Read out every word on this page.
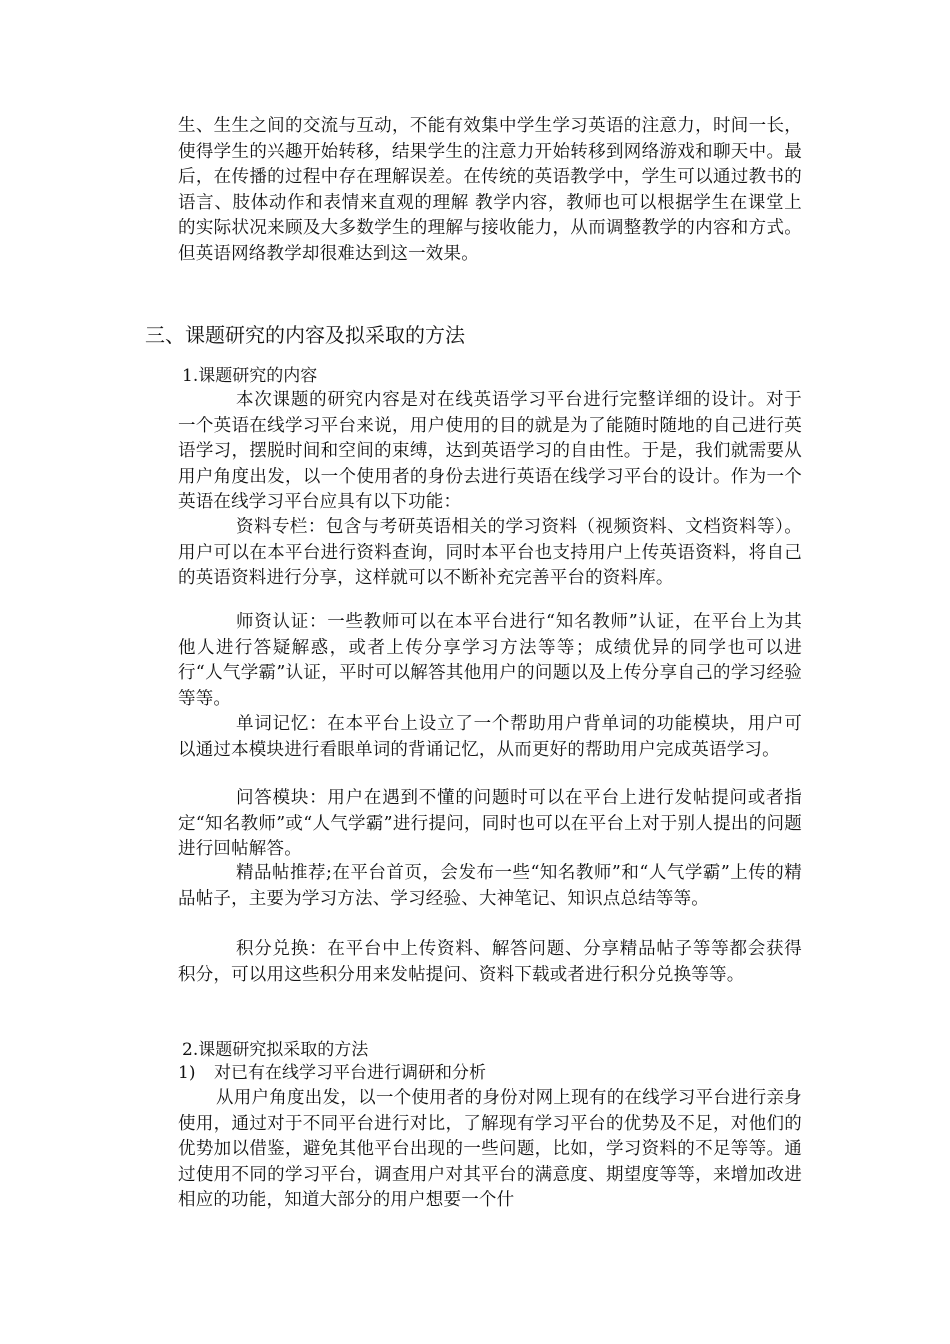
生、生生之间的交流与互动，不能有效集中学生学习英语的注意力，时间一长，使得学生的兴趣开始转移，结果学生的注意力开始转移到网络游戏和聊天中。最后，在传播的过程中存在理解误差。在传统的英语教学中，学生可以通过教书的语言、肢体动作和表情来直观的理解 教学内容，教师也可以根据学生在课堂上的实际状况来顾及大多数学生的理解与接收能力，从而调整教学的内容和方式。但英语网络教学却很难达到这一效果。

三、课题研究的内容及拟采取的方法

1.课题研究的内容

本次课题的研究内容是对在线英语学习平台进行完整详细的设计。对于一个英语在线学习平台来说，用户使用的目的就是为了能随时随地的自己进行英语学习，摆脱时间和空间的束缚，达到英语学习的自由性。于是，我们就需要从用户角度出发，以一个使用者的身份去进行英语在线学习平台的设计。作为一个英语在线学习平台应具有以下功能：

资料专栏：包含与考研英语相关的学习资料（视频资料、文档资料等）。用户可以在本平台进行资料查询，同时本平台也支持用户上传英语资料，将自己的英语资料进行分享，这样就可以不断补充完善平台的资料库。

师资认证：一些教师可以在本平台进行“知名教师”认证，在平台上为其他人进行答疑解惑，或者上传分享学习方法等等；成绩优异的同学也可以进行“人气学霸”认证，平时可以解答其他用户的问题以及上传分享自己的学习经验等等。

单词记忆：在本平台上设立了一个帮助用户背单词的功能模块，用户可以通过本模块进行看眼单词的背诵记忆，从而更好的帮助用户完成英语学习。

问答模块：用户在遇到不懂的问题时可以在平台上进行发帖提问或者指定“知名教师”或“人气学霸”进行提问，同时也可以在平台上对于别人提出的问题进行回帖解答。

精品帖推荐;在平台首页，会发布一些“知名教师”和“人气学霸”上传的精品帖子，主要为学习方法、学习经验、大神笔记、知识点总结等等。

积分兑换：在平台中上传资料、解答问题、分享精品帖子等等都会获得积分，可以用这些积分用来发帖提问、资料下载或者进行积分兑换等等。

2.课题研究拟采取的方法

1) 对已有在线学习平台进行调研和分析

从用户角度出发，以一个使用者的身份对网上现有的在线学习平台进行亲身使用，通过对于不同平台进行对比，了解现有学习平台的优势及不足，对他们的优势加以借鉴，避免其他平台出现的一些问题，比如，学习资料的不足等等。通过使用不同的学习平台，调查用户对其平台的满意度、期望度等等，来增加改进相应的功能，知道大部分的用户想要一个什
